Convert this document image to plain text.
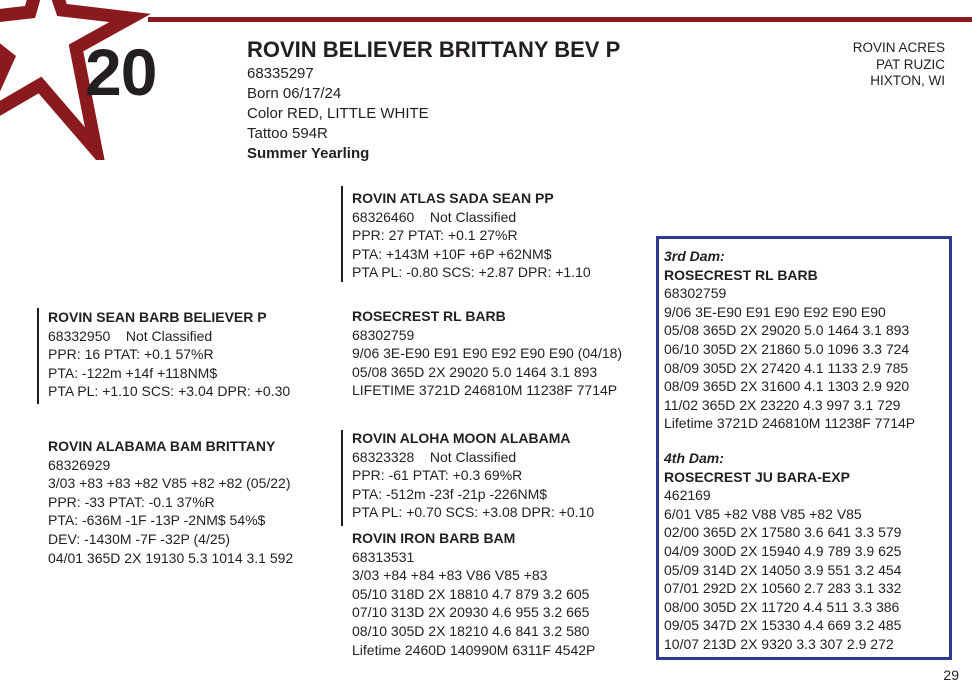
20	ROVIN BELIEVER BRITTANY BEV P
68335297
Born 06/17/24
Color RED, LITTLE WHITE
Tattoo 594R
Summer Yearling
ROVIN ACRES
PAT RUZIC
HIXTON, WI
ROVIN ATLAS SADA SEAN PP
68326460    Not Classified
PPR: 27 PTAT: +0.1 27%R
PTA: +143M +10F +6P +62NM$
PTA PL: -0.80 SCS: +2.87 DPR: +1.10
ROSECREST RL BARB
68302759
9/06 3E-E90 E91 E90 E92 E90 E90 (04/18)
05/08 365D 2X 29020 5.0 1464 3.1 893
LIFETIME 3721D 246810M 11238F 7714P
ROVIN SEAN BARB BELIEVER P
68332950    Not Classified
PPR: 16 PTAT: +0.1 57%R
PTA: -122m +14f +118NM$
PTA PL: +1.10 SCS: +3.04 DPR: +0.30
ROVIN ALABAMA BAM BRITTANY
68326929
3/03 +83 +83 +82 V85 +82 +82 (05/22)
PPR: -33 PTAT: -0.1 37%R
PTA: -636M -1F -13P -2NM$ 54%$
DEV: -1430M -7F -32P (4/25)
04/01 365D 2X 19130 5.3 1014 3.1 592
ROVIN ALOHA MOON ALABAMA
68323328    Not Classified
PPR: -61 PTAT: +0.3 69%R
PTA: -512m -23f -21p -226NM$
PTA PL: +0.70 SCS: +3.08 DPR: +0.10
ROVIN IRON BARB BAM
68313531
3/03 +84 +84 +83 V86 V85 +83
05/10 318D 2X 18810 4.7 879 3.2 605
07/10 313D 2X 20930 4.6 955 3.2 665
08/10 305D 2X 18210 4.6 841 3.2 580
Lifetime 2460D 140990M 6311F 4542P
3rd Dam:
ROSECREST RL BARB
68302759
9/06 3E-E90 E91 E90 E92 E90 E90
05/08 365D 2X 29020 5.0 1464 3.1 893
06/10 305D 2X 21860 5.0 1096 3.3 724
08/09 305D 2X 27420 4.1 1133 2.9 785
08/09 365D 2X 31600 4.1 1303 2.9 920
11/02 365D 2X 23220 4.3 997 3.1 729
Lifetime 3721D 246810M 11238F 7714P
4th Dam:
ROSECREST JU BARA-EXP
462169
6/01 V85 +82 V88 V85 +82 V85
02/00 365D 2X 17580 3.6 641 3.3 579
04/09 300D 2X 15940 4.9 789 3.9 625
05/09 314D 2X 14050 3.9 551 3.2 454
07/01 292D 2X 10560 2.7 283 3.1 332
08/00 305D 2X 11720 4.4 511 3.3 386
09/05 347D 2X 15330 4.4 669 3.2 485
10/07 213D 2X 9320 3.3 307 2.9 272
29
